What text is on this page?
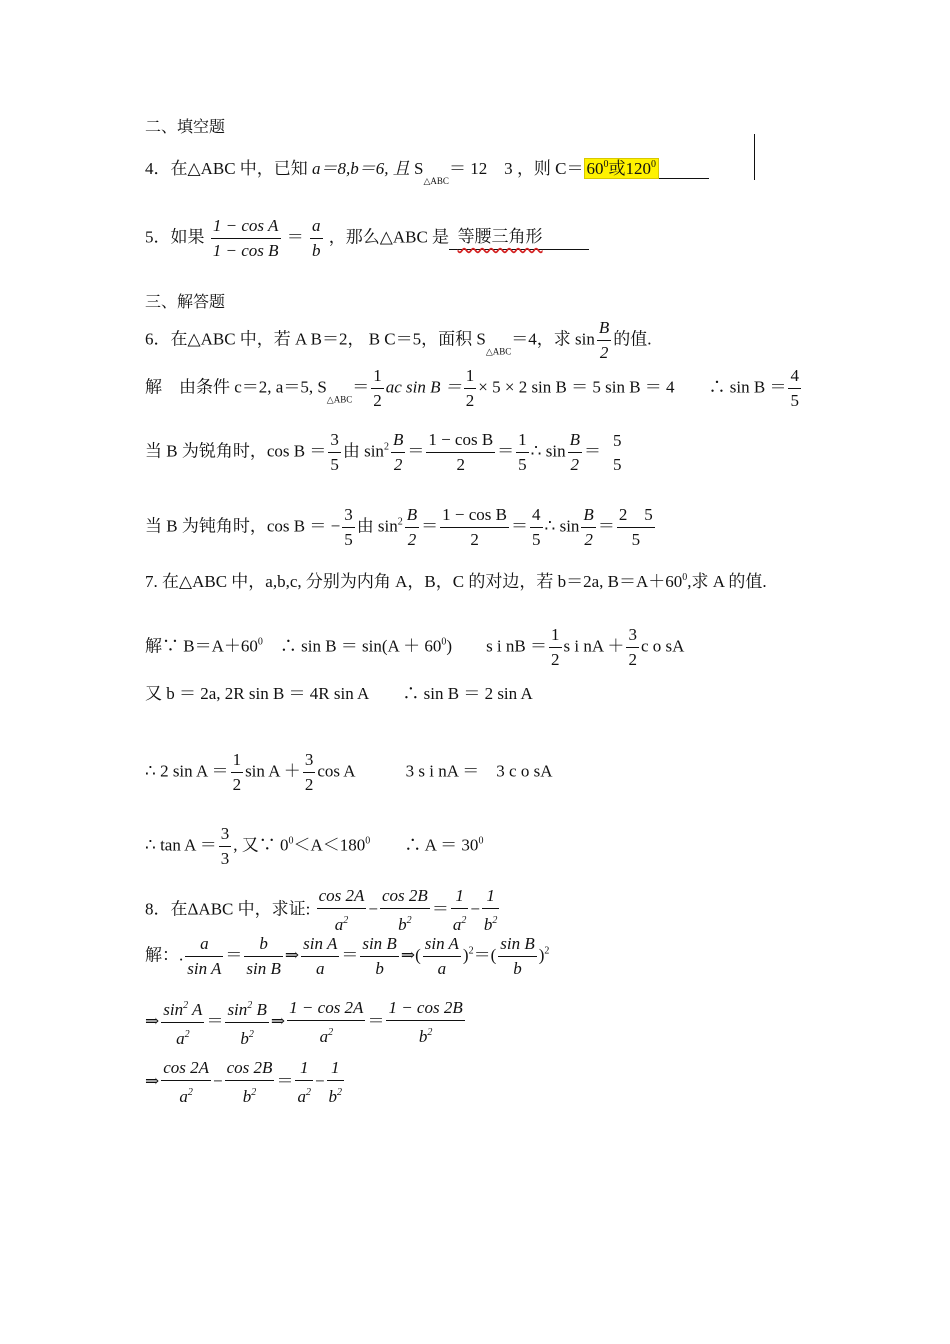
二、填空题
4．在△ABC 中，已知 a＝8,b＝6, 且 $S_{\triangle ABC}= 12$　3 ，则 $C= 60^0$或$120^0$
5．如果 $\frac{\text{1 − cos A}}{\text{1 − cos B}} = \frac{a}{b}$ ，那么△ABC 是 等腰三角形
三、解答题
6．在△ABC 中，若 A B＝2， B C＝5，面积 $S_{\triangle ABC}=4$，求 $\sin \frac{B}{2}$ 的值.
解　由条件 c＝2, a＝5, $S_{\triangle ABC}= \frac{1}{2}$ ac $\sin B = \frac{1}{2} \times 5 \times 2$ sin B ＝ 5 sin B ＝ 4　　∴ $\sin B = \frac{4}{5}$
当 B 为锐角时，$\cos B = \frac{3}{5}$ 由 $\sin^2 \frac{B}{2} = \frac{\text{1 − cos B}}{2} = \frac{1}{5}$ ∴ $\sin \frac{B}{2}$ ＝
5
5
当 B 为钝角时，cos B ＝ − $\frac{3}{5}$ 由 $\sin^2 \frac{B}{2} = \frac{\text{1 − cos B}}{2} = \frac{4}{5}$ ∴ $\sin \frac{B}{2} = \frac{2 5}{5}$
7. 在△ABC 中，a,b,c, 分别为内角 A，B，C 的对边，若 b＝2a, $B=A+60^0$,求 A 的值.
解∵ $B=A+60^0$　∴ $\sin B = \sin(A + 60^0)$　　s i nB ＝ $\frac{1}{2}$ s i nA ＋ $\frac{3}{2}$ c o sA
又 b ＝ 2a, 2R sin B ＝ 4R sin A　　∴ sin B ＝ 2 sin A
∴ 2 $\sin A = \frac{1}{2}$ $\sin A + \frac{3}{2}$ cos A　　　3 s i nA ＝　3 c o sA
∴ $\tan A = \frac{3}{3}$ , 又∵ $0^0<A<180^0$　　∴ $A = 30^0$
8．在ΔABC 中，求证: $\frac{\cos 2A}{a^2} - \frac{\cos 2B}{b^2} = \frac{1}{a^2} - \frac{1}{b^2}$
解：. $\frac{a}{\text{sin A}} = \frac{b}{\text{sin B}}$ ⇒ $\frac{\text{sin A}}{a} = \frac{\text{sin B}}{b}$ ⇒( $\frac{\text{sin A}}{a} )^2=( \frac{\text{sin B}}{b} )^2$
⇒ $\frac{\sin^2 A}{a^2} = \frac{\sin^2 B}{b^2}$ ⇒ $\frac{1 - \cos 2A}{a^2} = \frac{1 - \cos 2B}{b^2}$
⇒ $\frac{\cos 2A}{a^2} - \frac{\cos 2B}{b^2} = \frac{1}{a^2} - \frac{1}{b^2}$
